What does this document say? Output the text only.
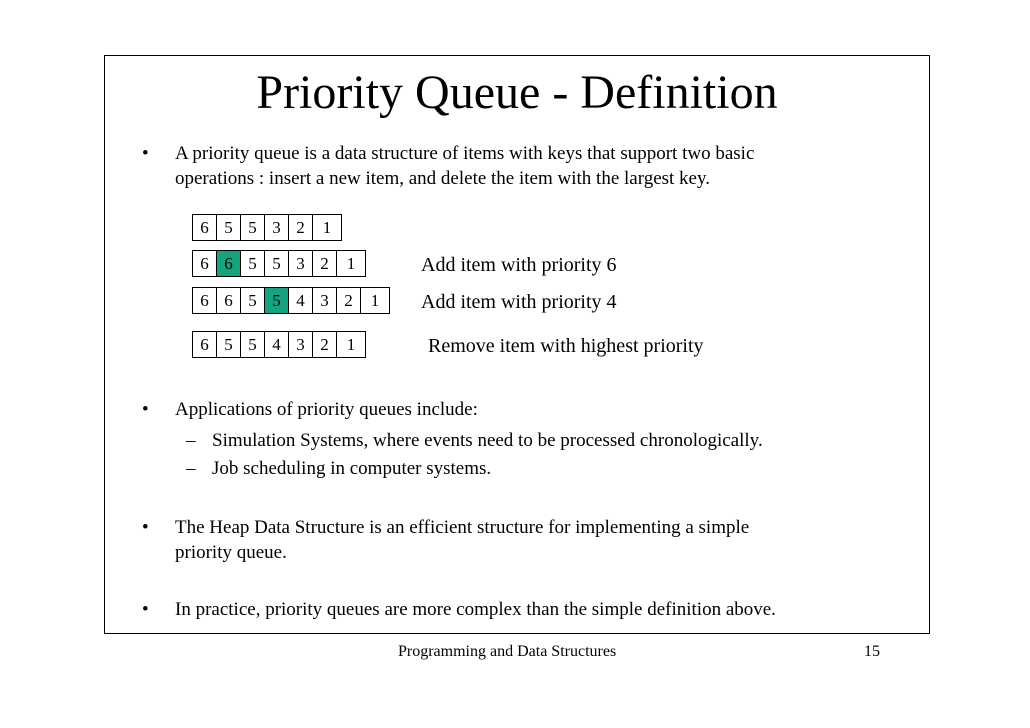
Priority Queue - Definition
• A priority queue is a data structure of items with keys that support two basic
operations : insert a new item, and delete the item with the largest key.
6 5 5 3 2	1
6 6 5 5 3 2	1
6 6 5 5 4 3 2	1
6 5 5 4 3 2	1
Add item with priority 6
Add item with priority 4
Remove item with highest priority
• Applications of priority queues include:
– Simulation Systems, where events need to be processed chronologically.
– Job scheduling in computer systems.
• The Heap Data Structure is an efficient structure for implementing a simple
priority queue.
• In practice, priority queues are more complex than the simple definition above.
Programming and Data Structures	15
